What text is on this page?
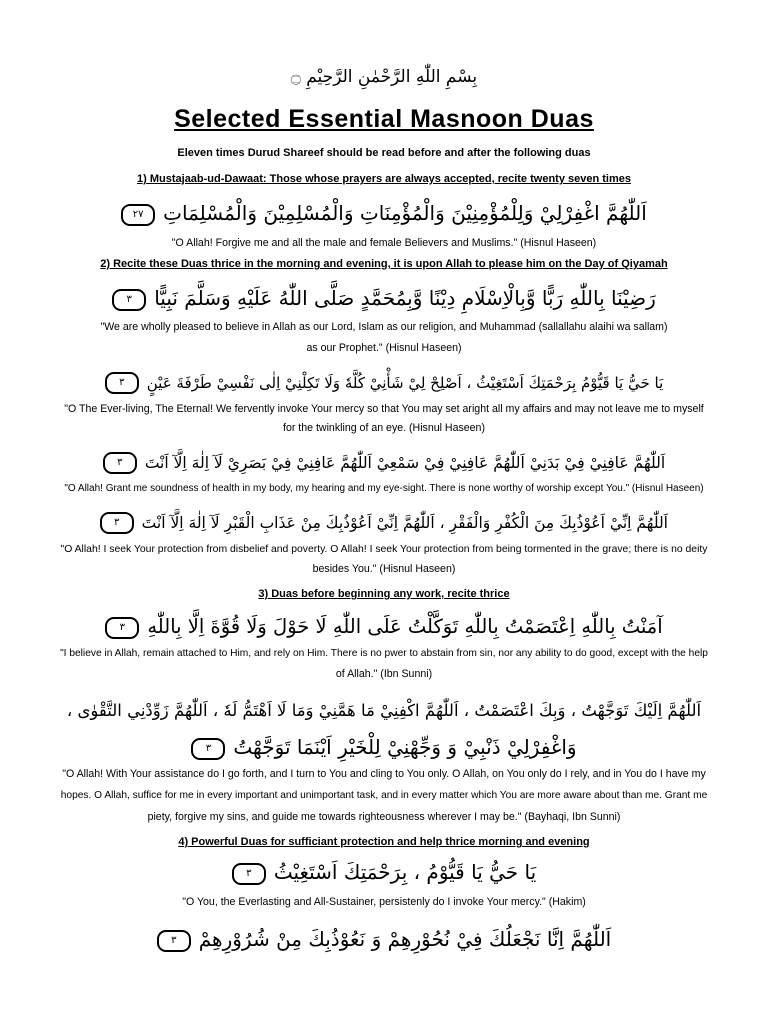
بِسْمِ اللّٰهِ الرَّحْمٰنِ الرَّحِيْمِ ۝
Selected Essential Masnoon Duas
Eleven times Durud Shareef should be read before and after the following duas
1) Mustajaab-ud-Dawaat: Those whose prayers are always accepted, recite twenty seven times
اَللّٰهُمَّ اغْفِرْلِيْ وَلِلْمُؤْمِنِيْنَ وَالْمُؤْمِنَاتِ وَالْمُسْلِمِيْنَ وَالْمُسْلِمَاتِ٢٧
"O Allah! Forgive me and all the male and female Believers and Muslims." (Hisnul Haseen)
2) Recite these Duas thrice in the morning and evening, it is upon Allah to please him on the Day of Qiyamah
رَضِيْنَا بِاللّٰهِ رَبًّا وَّبِالْاِسْلَامِ دِيْنًا وَّبِمُحَمَّدٍ صَلَّى اللّٰهُ عَلَيْهِ وَسَلَّمَ نَبِيًّا٣
"We are wholly pleased to believe in Allah as our Lord, Islam as our religion, and Muhammad (sallallahu alaihi wa sallam)
as our Prophet." (Hisnul Haseen)
يَا حَيُّ يَا قَيُّوْمُ بِرَحْمَتِكَ اَسْتَغِيْثُ ، اَصْلِحْ لِيْ شَأْنِيْ كُلَّهٗ وَلَا تَكِلْنِيْ اِلٰى نَفْسِيْ طَرْفَةَ عَيْنٍ٣
"O The Ever-living, The Eternal! We fervently invoke Your mercy so that You may set aright all my affairs and may not leave me to myself
for the twinkling of an eye. (Hisnul Haseen)
اَللّٰهُمَّ عَافِنِيْ فِيْ بَدَنِيْ اَللّٰهُمَّ عَافِنِيْ فِيْ سَمْعِيْ اَللّٰهُمَّ عَافِنِيْ فِيْ بَصَرِيْ لَآ اِلٰهَ اِلَّآ اَنْتَ٣
"O Allah! Grant me soundness of health in my body, my hearing and my eye-sight. There is none worthy of worship except You." (Hisnul Haseen)
اَللّٰهُمَّ اِنِّيْ اَعُوْذُبِكَ مِنَ الْكُفْرِ وَالْفَقْرِ ، اَللّٰهُمَّ اِنِّيْ اَعُوْذُبِكَ مِنْ عَذَابِ الْقَبْرِ لَآ اِلٰهَ اِلَّآ اَنْتَ٣
"O Allah! I seek Your protection from disbelief and poverty. O Allah! I seek Your protection from being tormented in the grave; there is no deity
besides You." (Hisnul Haseen)
3) Duas before beginning any work, recite thrice
آمَنْتُ بِاللّٰهِ اِعْتَصَمْتُ بِاللّٰهِ تَوَكَّلْتُ عَلَى اللّٰهِ لَا حَوْلَ وَلَا قُوَّةَ اِلَّا بِاللّٰهِ٣
"I believe in Allah, remain attached to Him, and rely on Him. There is no pwer to abstain from sin, nor any ability to do good, except with the help
of Allah." (Ibn Sunni)
اَللّٰهُمَّ اِلَيْكَ تَوَجَّهْتُ ، وَبِكَ اعْتَصَمْتُ ، اَللّٰهُمَّ اكْفِنِيْ مَا هَمَّنِيْ وَمَا لَا اَهْتَمُّ لَهٗ ، اَللّٰهُمَّ زَوِّدْنِي التَّقْوٰى ،
وَاغْفِرْلِيْ ذَنْبِيْ وَ وَجِّهْنِيْ لِلْخَيْرِ اَيْنَمَا تَوَجَّهْتُ٣
"O Allah! With Your assistance do I go forth, and I turn to You and cling to You only. O Allah, on You only do I rely, and in You do I have my
hopes. O Allah, suffice for me in every important and unimportant task, and in every matter which You are more aware about than me. Grant me
piety, forgive my sins, and guide me towards righteousness wherever I may be." (Bayhaqi, Ibn Sunni)
4) Powerful Duas for sufficiant protection and help thrice morning and evening
يَا حَيُّ يَا قَيُّوْمُ ، بِرَحْمَتِكَ اَسْتَغِيْثُ٣
"O You, the Everlasting and All-Sustainer, persistenly do I invoke Your mercy." (Hakim)
اَللّٰهُمَّ اِنَّا نَجْعَلُكَ فِيْ نُحُوْرِهِمْ وَ نَعُوْذُبِكَ مِنْ شُرُوْرِهِمْ٣
